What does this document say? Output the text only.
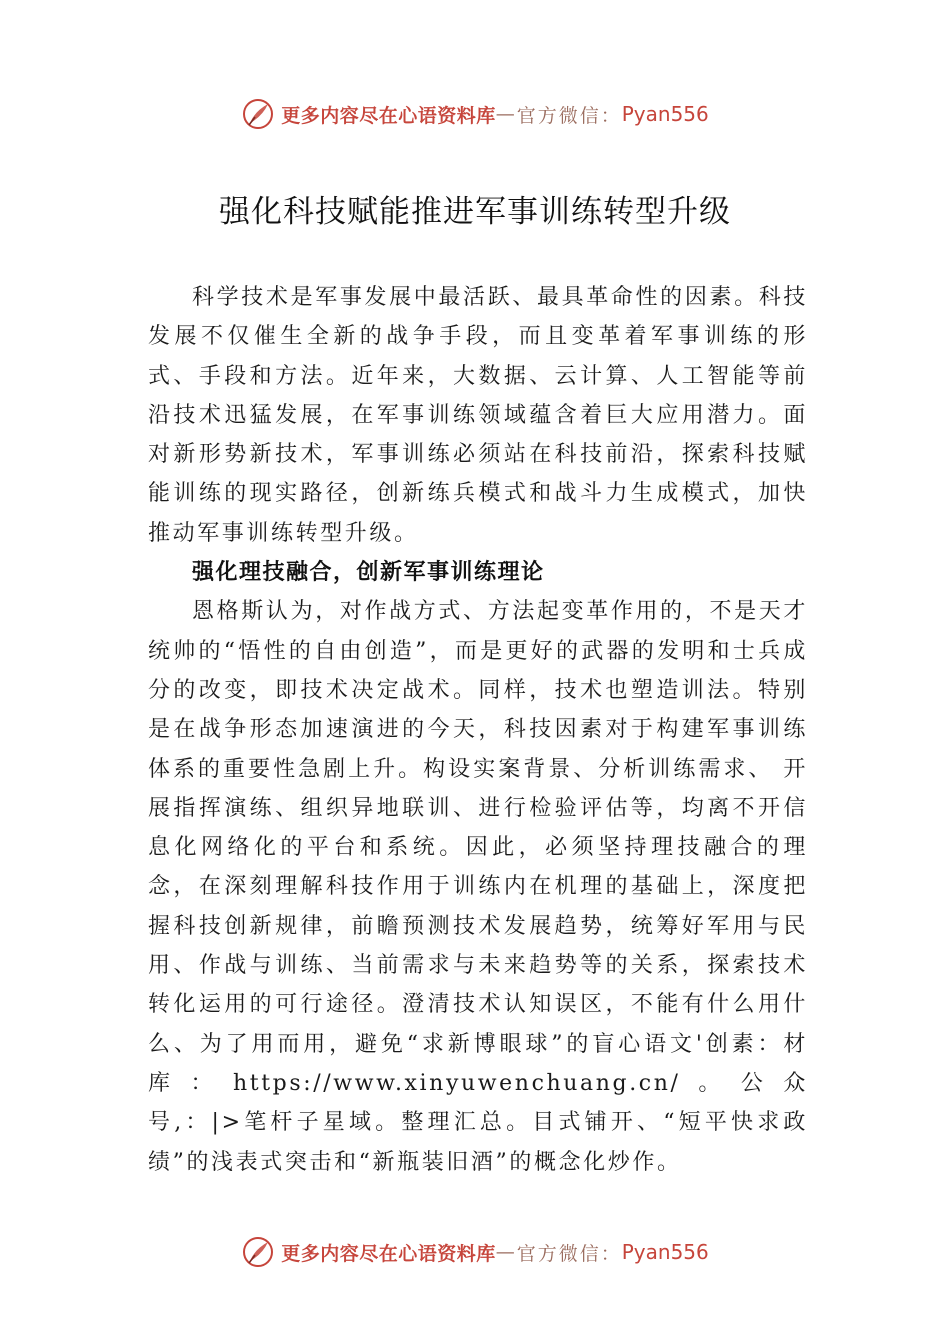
更多内容尽在心语资料库 — 官方微信： Pyan556
强化科技赋能推进军事训练转型升级

科学技术是军事发展中最活跃、最具革命性的因素。科技发展不仅催生全新的战争手段，而且变革着军事训练的形式、手段和方法。近年来，大数据、云计算、人工智能等前沿技术迅猛发展，在军事训练领域蕴含着巨大应用潜力。面对新形势新技术，军事训练必须站在科技前沿，探索科技赋能训练的现实路径，创新练兵模式和战斗力生成模式，加快推动军事训练转型升级。

强化理技融合，创新军事训练理论

恩格斯认为，对作战方式、方法起变革作用的，不是天才统帅的“悟性的自由创造”，而是更好的武器的发明和士兵成分的改变，即技术决定战术。同样，技术也塑造训法。特别是在战争形态加速演进的今天，科技因素对于构建军事训练体系的重要性急剧上升。构设实案背景、分析训练需求、 开展指挥演练、组织异地联训、进行检验评估等，均离不开信息化网络化的平台和系统。因此，必须坚持理技融合的理念，在深刻理解科技作用于训练内在机理的基础上，深度把握科技创新规律，前瞻预测技术发展趋势，统筹好军用与民用、作战与训练、当前需求与未来趋势等的关系，探索技术转化运用的可行途径。澄清技术认知误区，不能有什么用什么、为了用而用，避免“求新博眼球”的盲心语文'创素：材库：https://www.xinyuwenchuang.cn/。公众号,：|>笔杆子星域。整理汇总。目式铺开、“短平快求政绩”的浅表式突击和“新瓶装旧酒”的概念化炒作。

更多内容尽在心语资料库 — 官方微信： Pyan556
